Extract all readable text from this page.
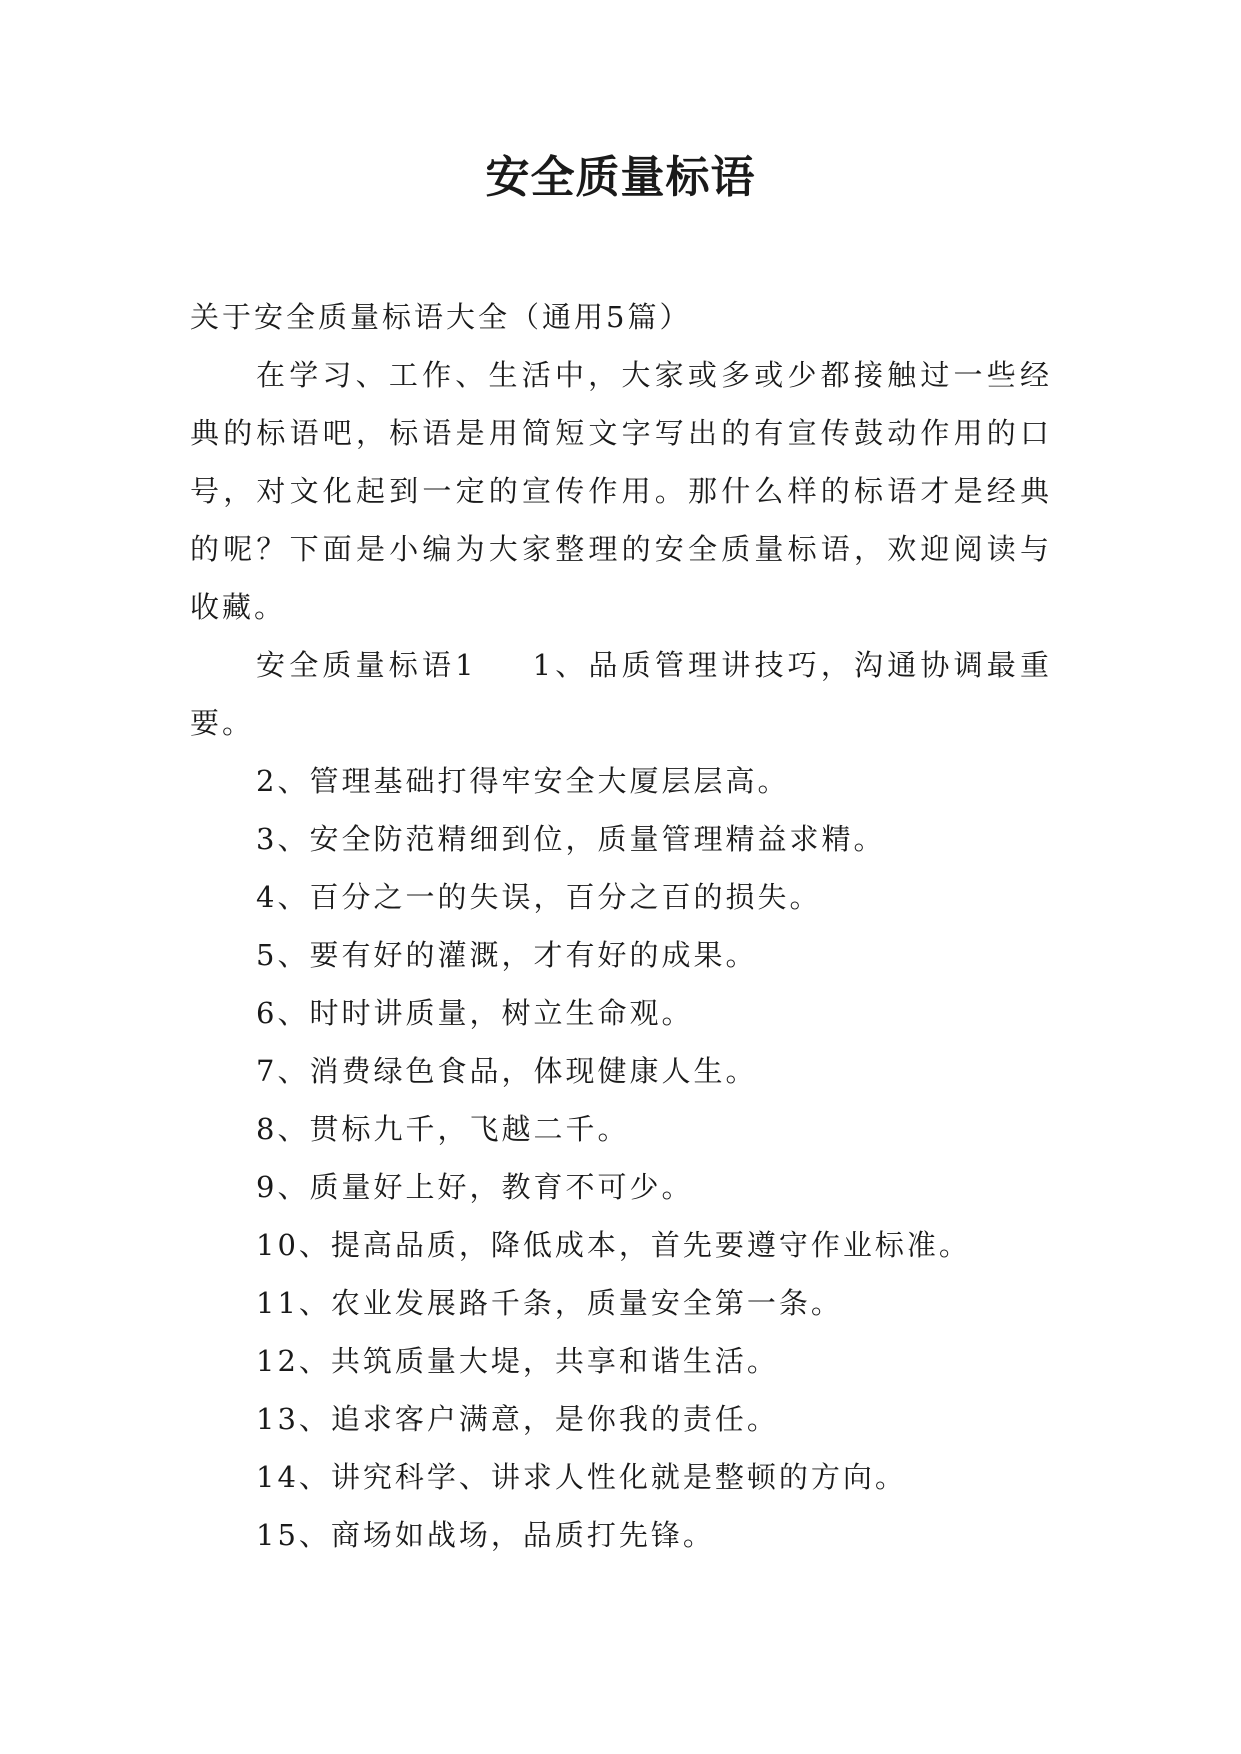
安全质量标语

关于安全质量标语大全（通用5篇）

在学习、工作、生活中，大家或多或少都接触过一些经典的标语吧，标语是用简短文字写出的有宣传鼓动作用的口号，对文化起到一定的宣传作用。那什么样的标语才是经典的呢？下面是小编为大家整理的安全质量标语，欢迎阅读与收藏。

安全质量标语1 1、品质管理讲技巧，沟通协调最重要。

2、管理基础打得牢安全大厦层层高。

3、安全防范精细到位，质量管理精益求精。

4、百分之一的失误，百分之百的损失。

5、要有好的灌溉，才有好的成果。

6、时时讲质量，树立生命观。

7、消费绿色食品，体现健康人生。

8、贯标九千，飞越二千。

9、质量好上好，教育不可少。

10、提高品质，降低成本，首先要遵守作业标准。

11、农业发展路千条，质量安全第一条。

12、共筑质量大堤，共享和谐生活。

13、追求客户满意，是你我的责任。

14、讲究科学、讲求人性化就是整顿的方向。

15、商场如战场，品质打先锋。
